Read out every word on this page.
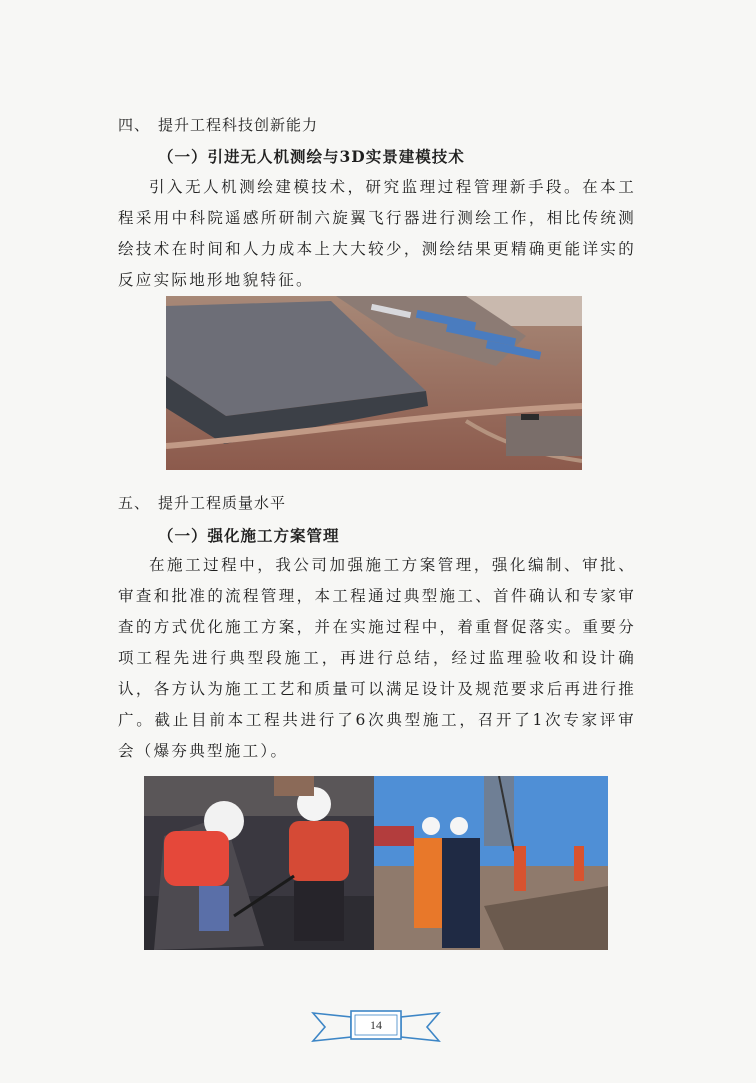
四、 提升工程科技创新能力
（一）引进无人机测绘与3D实景建模技术

引入无人机测绘建模技术，研究监理过程管理新手段。在本工程采用中科院遥感所研制六旋翼飞行器进行测绘工作，相比传统测绘技术在时间和人力成本上大大较少，测绘结果更精确更能详实的反应实际地形地貌特征。

五、 提升工程质量水平
（一）强化施工方案管理

在施工过程中，我公司加强施工方案管理，强化编制、审批、审查和批准的流程管理，本工程通过典型施工、首件确认和专家审查的方式优化施工方案，并在实施过程中，着重督促落实。重要分项工程先进行典型段施工，再进行总结，经过监理验收和设计确认，各方认为施工工艺和质量可以满足设计及规范要求后再进行推广。截止目前本工程共进行了6次典型施工，召开了1次专家评审会（爆夯典型施工）。

14
